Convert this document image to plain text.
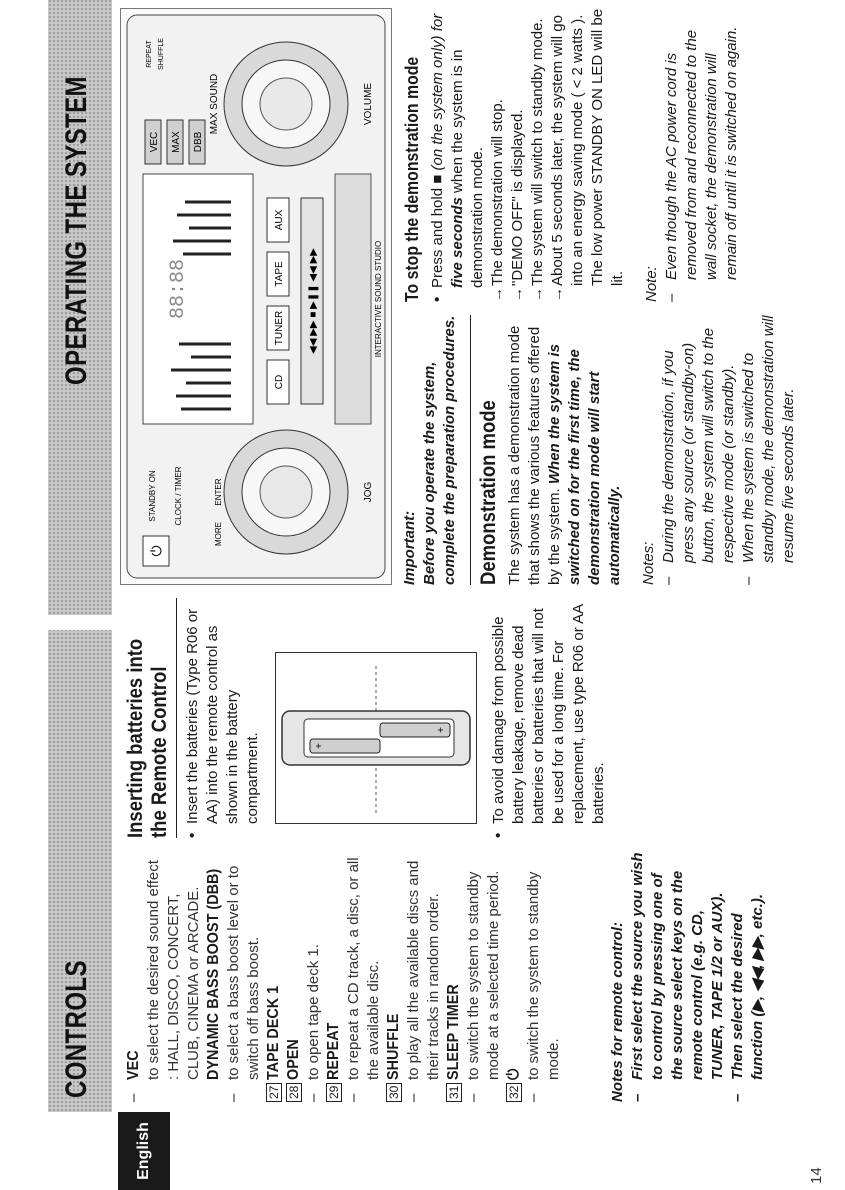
CONTROLS
OPERATING THE SYSTEM
English	14
–
VEC to select the desired sound effect : HALL, DISCO, CONCERT, CLUB, CINEMA or ARCADE. DYNAMIC BASS BOOST (DBB)
–
to select a bass boost level or to switch off bass boost.
27
TAPE DECK 1
28
OPEN
–
to open tape deck 1.
29
REPEAT
–
to repeat a CD track, a disc, or all the available disc.
30
SHUFFLE
–
to play all the available discs and their tracks in random order.
31
SLEEP TIMER
–
to switch the system to standby mode at a selected time period.
32
⏻
–
to switch the system to standby mode.	Notes for remote control: –
First select the source you wish to control by pressing one of the source select keys on the remote control (e.g. CD, TUNER, TAPE 1/2 or AUX).
–
Then select the desired function (▶, ◀◀, ▶▶, etc.).
Inserting batteries into the Remote Control •
Insert the batteries (Type R06 or AA) into the remote control as shown in the battery compartment.	+
+
•
To avoid damage from possible battery leakage, remove dead batteries or batteries that will not be used for a long time. For replacement, use type R06 or AA batteries.
88:88
CD
TUNER
TAPE
AUX
◀◀ ▶▶ ■ ▶❚❚ ◀◀ ▶▶	INTERACTIVE SOUND STUDIO
VEC MAX DBB
JOG
VOLUME
MAX SOUND
⏻
STANDBY ON CLOCK / TIMER
REPEAT SHUFFLE
ENTER
MORE	Important: Before you operate the system, complete the preparation procedures. Demonstration mode The system has a demonstration mode that shows the various features offered by the system. When the system is switched on for the first time, the demonstration mode will start automatically. Notes: –
During the demonstration, if you press any source (or standby-on) button, the system will switch to the respective mode (or standby).
–
When the system is switched to standby mode, the demonstration will resume five seconds later.
To stop the demonstration mode •
Press and hold ■ (on the system only) for five seconds when the system is in demonstration mode.
→
The demonstration will stop.
→
"DEMO OFF" is displayed.
→
The system will switch to standby mode.
→
About 5 seconds later, the system will go into an energy saving mode ( < 2 watts ). The low power STANDBY ON LED will be lit. Note: –
Even though the AC power cord is removed from and reconnected to the wall socket, the demonstration will remain off until it is switched on again.
